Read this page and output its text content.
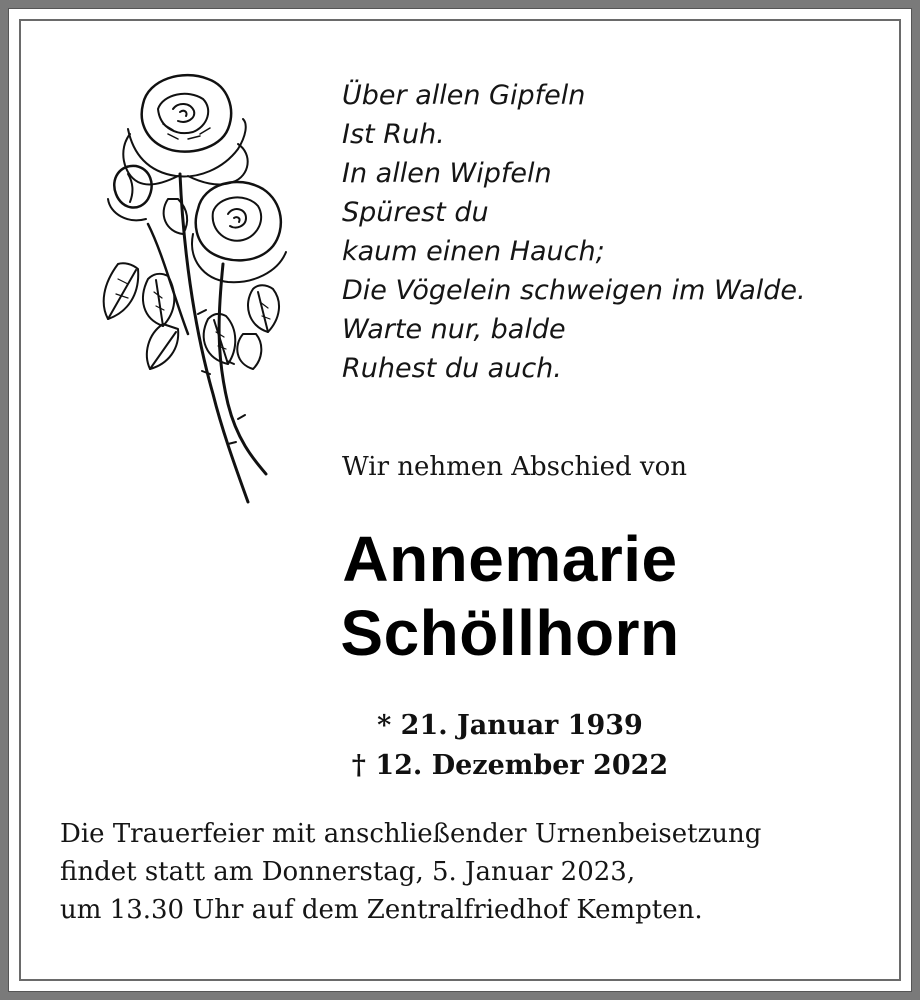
Über allen Gipfeln
Ist Ruh.
In allen Wipfeln
Spürest du
kaum einen Hauch;
Die Vögelein schweigen im Walde.
Warte nur, balde
Ruhest du auch.
Wir nehmen Abschied von
Annemarie
Schöllhorn
* 21. Januar 1939
† 12. Dezember 2022
Die Trauerfeier mit anschließender Urnenbeisetzung
findet statt am Donnerstag, 5. Januar 2023,
um 13.30 Uhr auf dem Zentralfriedhof Kempten.
